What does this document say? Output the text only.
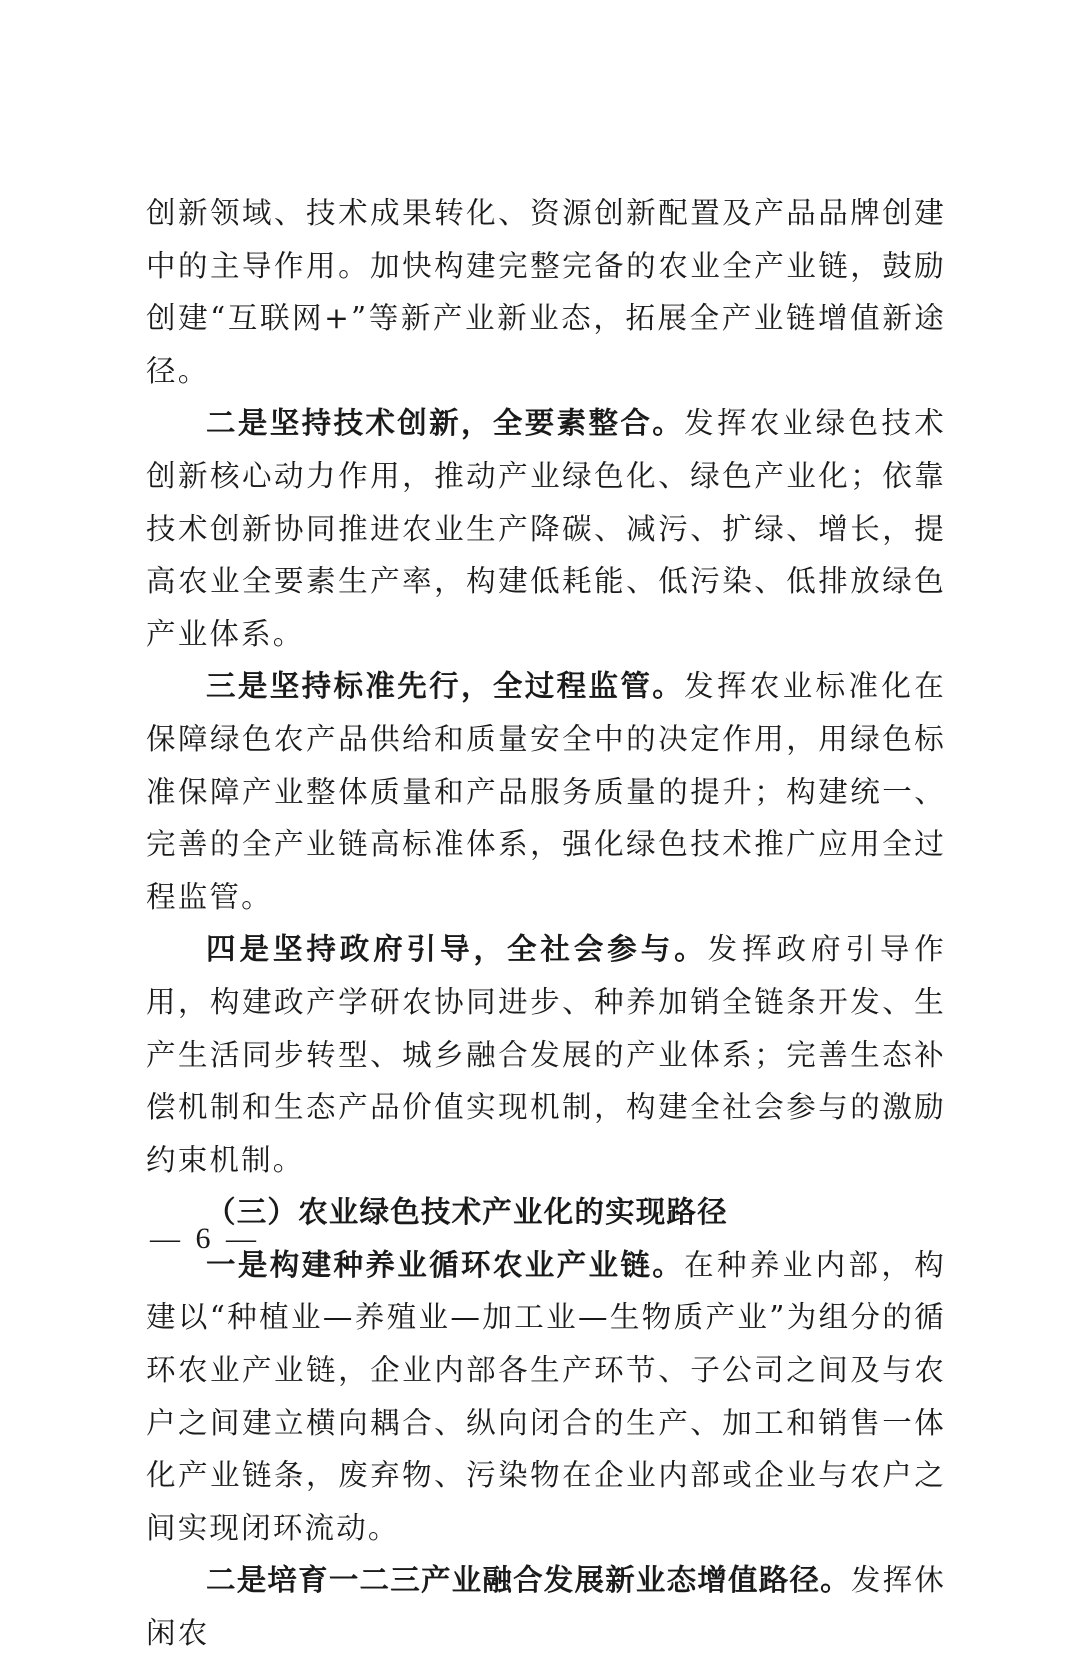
创新领域、技术成果转化、资源创新配置及产品品牌创建中的主导作用。加快构建完整完备的农业全产业链，鼓励创建“互联网+”等新产业新业态，拓展全产业链增值新途径。

二是坚持技术创新，全要素整合。发挥农业绿色技术创新核心动力作用，推动产业绿色化、绿色产业化；依靠技术创新协同推进农业生产降碳、减污、扩绿、增长，提高农业全要素生产率，构建低耗能、低污染、低排放绿色产业体系。

三是坚持标准先行，全过程监管。发挥农业标准化在保障绿色农产品供给和质量安全中的决定作用，用绿色标准保障产业整体质量和产品服务质量的提升；构建统一、完善的全产业链高标准体系，强化绿色技术推广应用全过程监管。

四是坚持政府引导，全社会参与。发挥政府引导作用，构建政产学研农协同进步、种养加销全链条开发、生产生活同步转型、城乡融合发展的产业体系；完善生态补偿机制和生态产品价值实现机制，构建全社会参与的激励约束机制。

（三）农业绿色技术产业化的实现路径

一是构建种养业循环农业产业链。在种养业内部，构建以“种植业—养殖业—加工业—生物质产业”为组分的循环农业产业链，企业内部各生产环节、子公司之间及与农户之间建立横向耦合、纵向闭合的生产、加工和销售一体化产业链条，废弃物、污染物在企业内部或企业与农户之间实现闭环流动。

二是培育一二三产业融合发展新业态增值路径。发挥休闲农

— 6 —
